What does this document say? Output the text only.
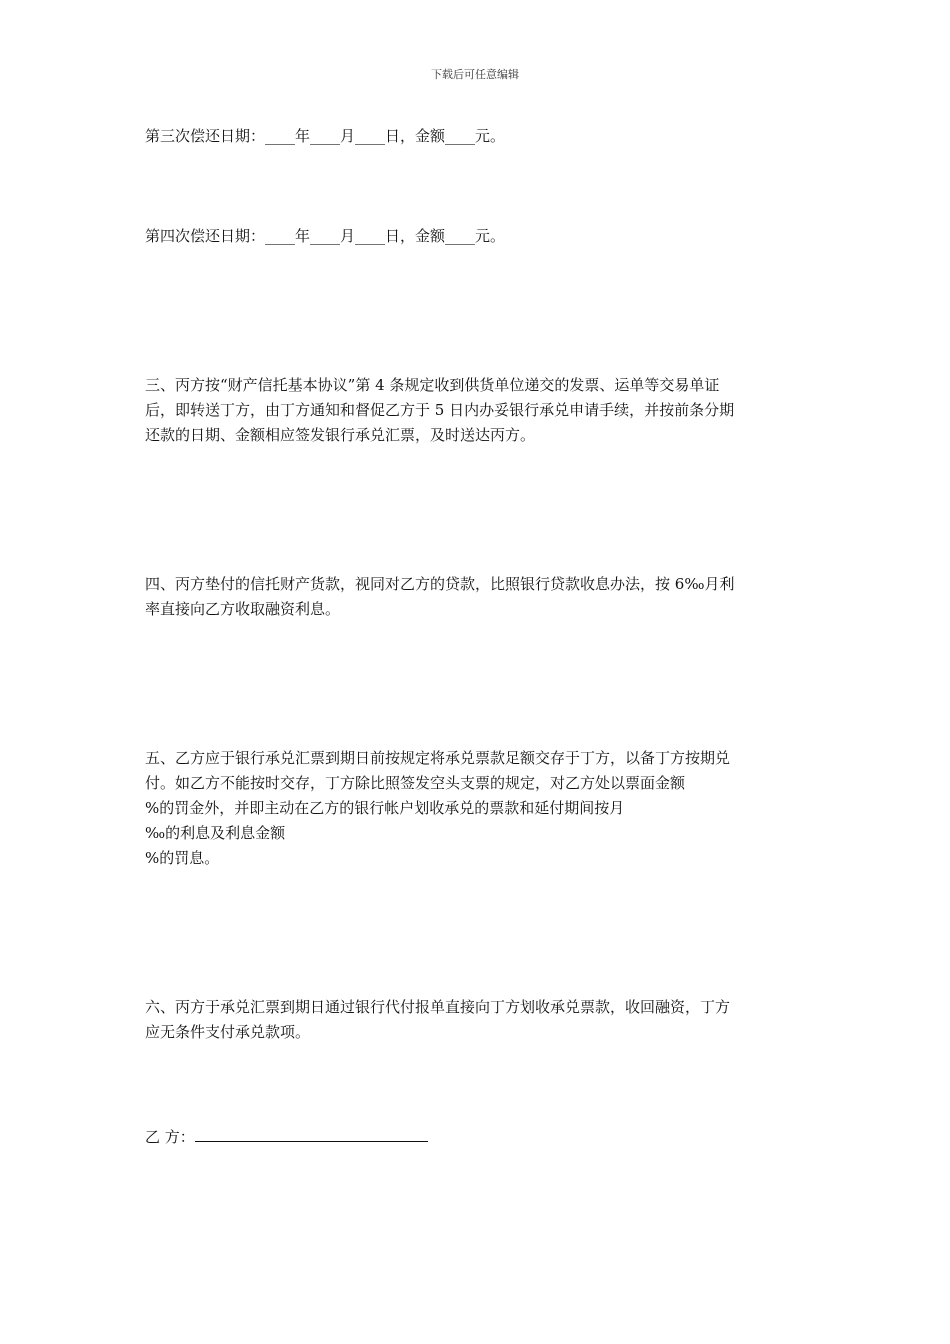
下载后可任意编辑
第三次偿还日期：____年____月____日，金额____元。
第四次偿还日期：____年____月____日，金额____元。
三、丙方按“财产信托基本协议”第 4 条规定收到供货单位递交的发票、运单等交易单证
后，即转送丁方，由丁方通知和督促乙方于 5 日内办妥银行承兑申请手续，并按前条分期
还款的日期、金额相应签发银行承兑汇票，及时送达丙方。
四、丙方垫付的信托财产货款，视同对乙方的贷款，比照银行贷款收息办法，按 6‰月利
率直接向乙方收取融资利息。
五、乙方应于银行承兑汇票到期日前按规定将承兑票款足额交存于丁方，以备丁方按期兑
付。如乙方不能按时交存，丁方除比照签发空头支票的规定，对乙方处以票面金额
%的罚金外，并即主动在乙方的银行帐户划收承兑的票款和延付期间按月
‰的利息及利息金额
%的罚息。
六、丙方于承兑汇票到期日通过银行代付报单直接向丁方划收承兑票款，收回融资，丁方
应无条件支付承兑款项。
乙 方：
